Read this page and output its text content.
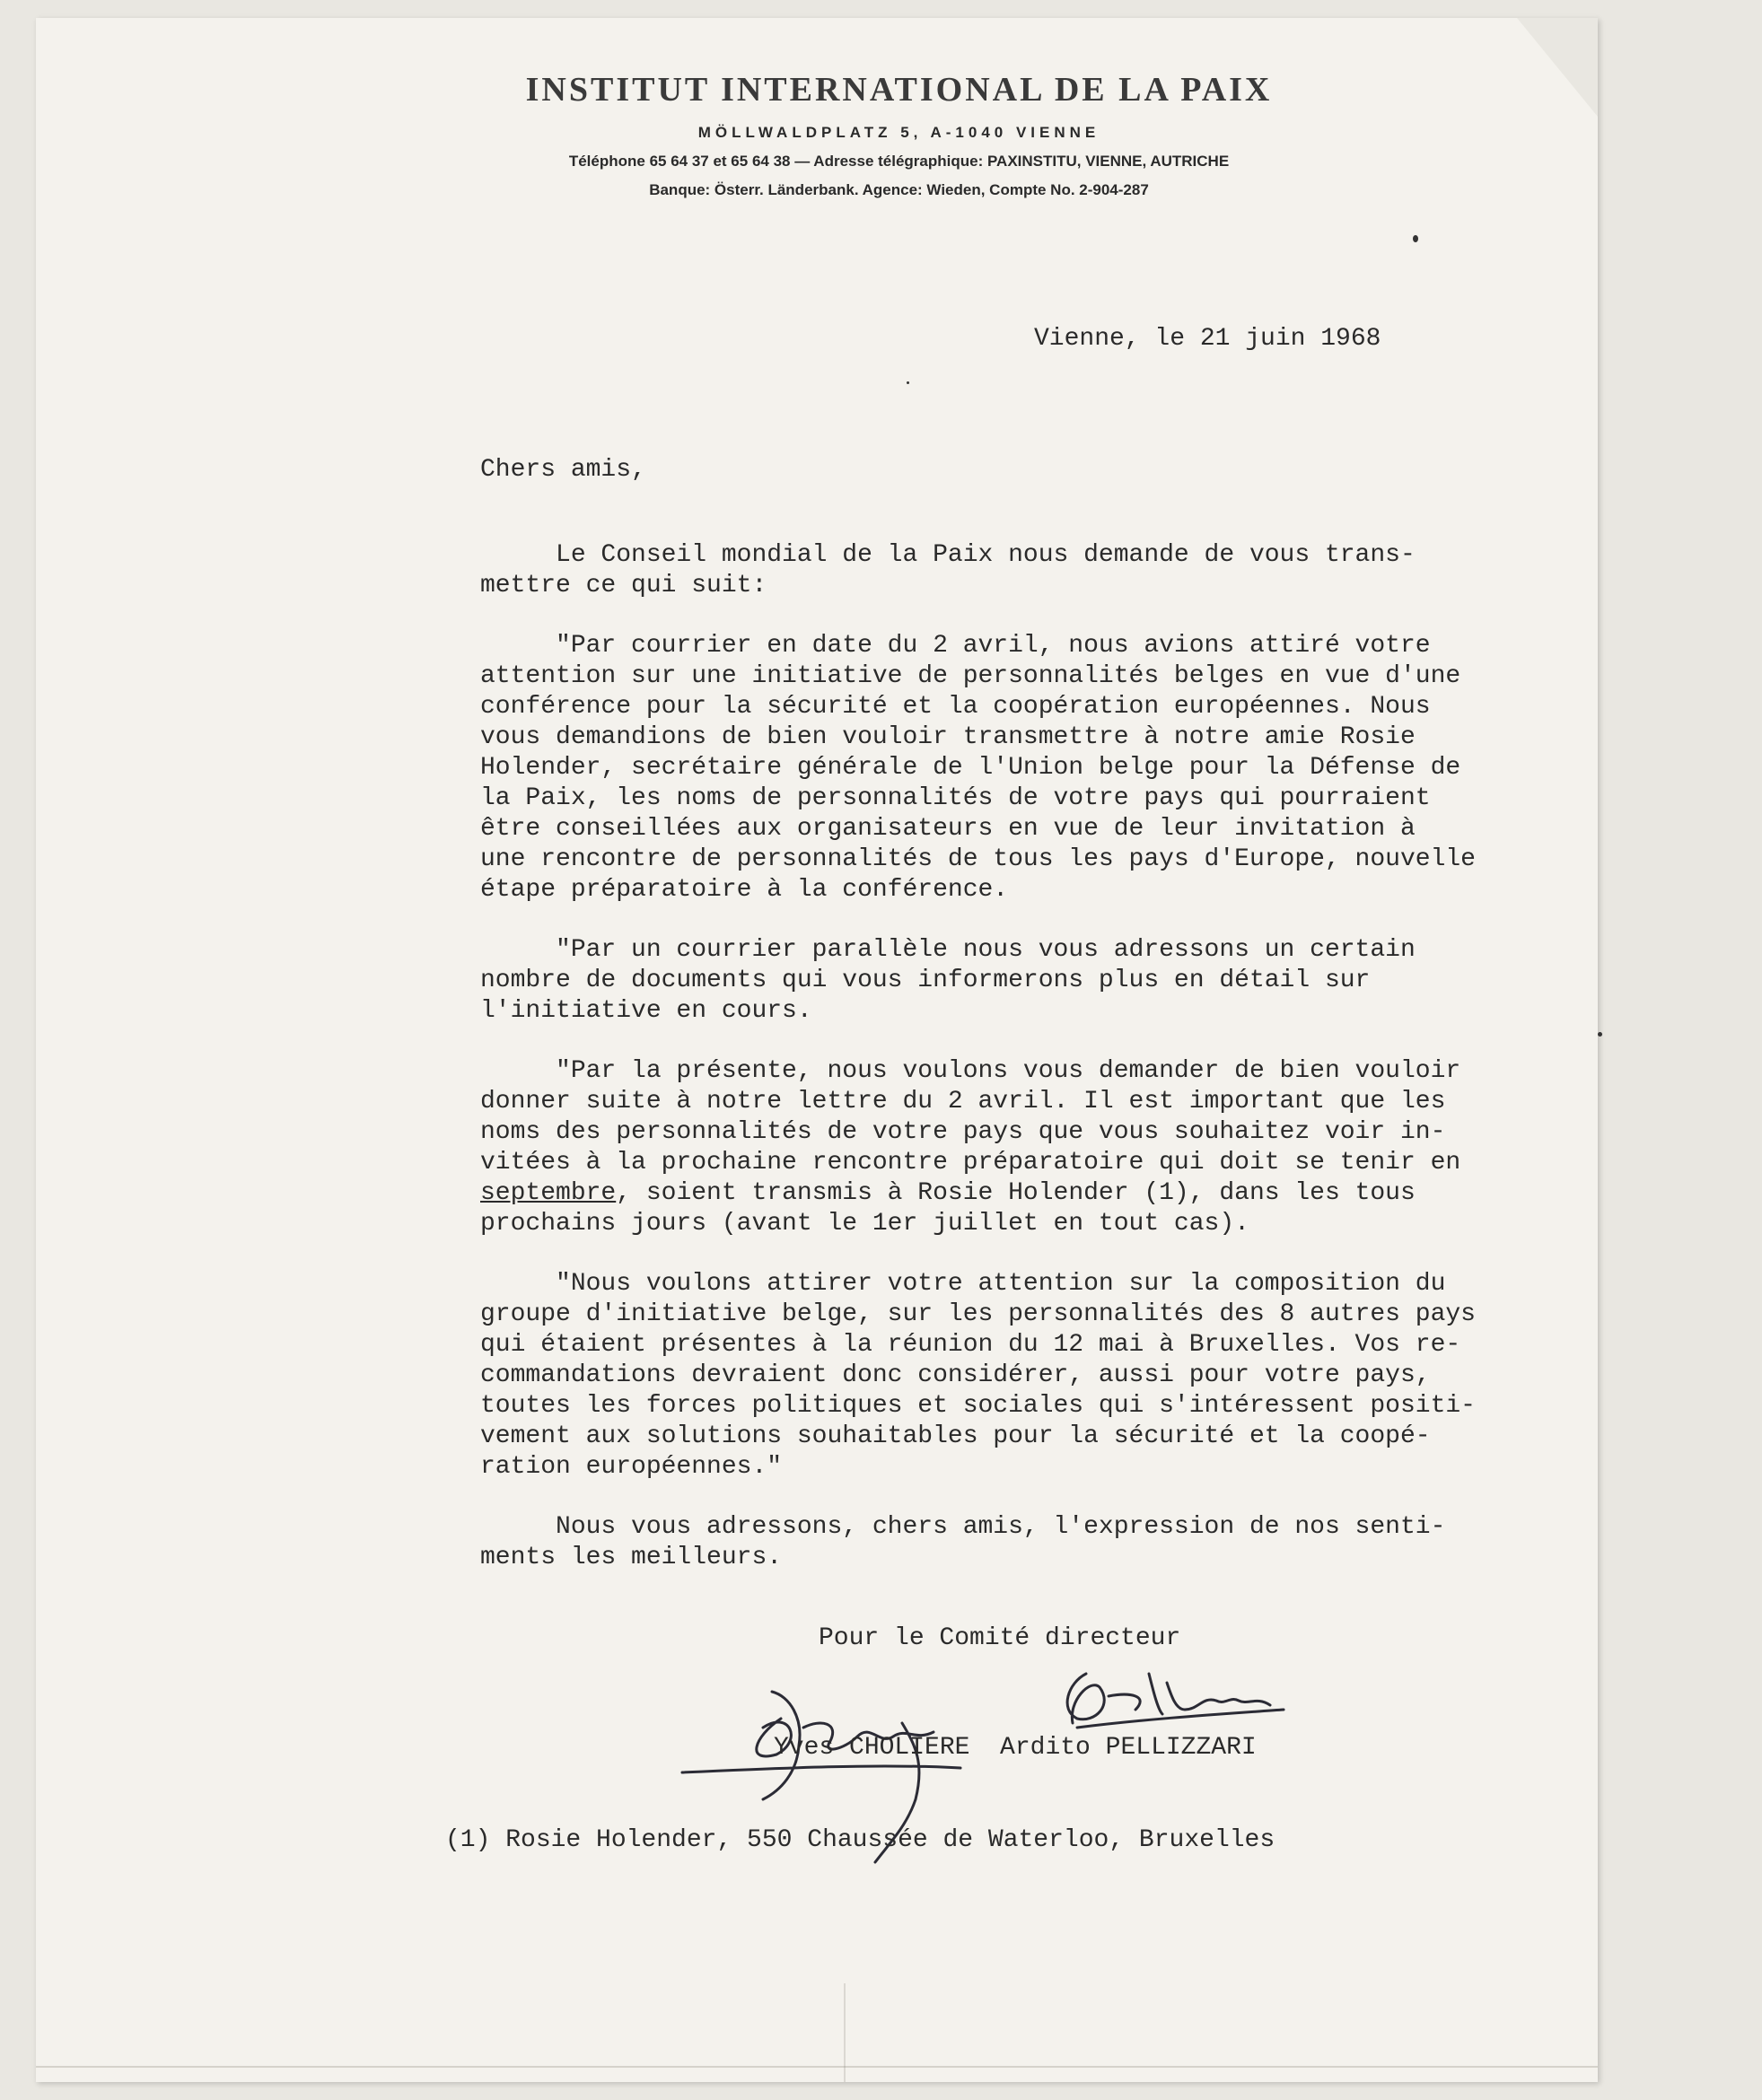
INSTITUT INTERNATIONAL DE LA PAIX
MÖLLWALDPLATZ 5, A-1040 VIENNE
Téléphone 65 64 37 et 65 64 38 — Adresse télégraphique: PAXINSTITU, VIENNE, AUTRICHE
Banque: Österr. Länderbank. Agence: Wieden, Compte No. 2-904-287
Vienne, le 21 juin 1968
Chers amis,

Le Conseil mondial de la Paix nous demande de vous trans-
mettre ce qui suit:

"Par courrier en date du 2 avril, nous avions attiré votre
attention sur une initiative de personnalités belges en vue d'une
conférence pour la sécurité et la coopération européennes. Nous
vous demandions de bien vouloir transmettre à notre amie Rosie
Holender, secrétaire générale de l'Union belge pour la Défense de
la Paix, les noms de personnalités de votre pays qui pourraient
être conseillées aux organisateurs en vue de leur invitation à
une rencontre de personnalités de tous les pays d'Europe, nouvelle
étape préparatoire à la conférence.

"Par un courrier parallèle nous vous adressons un certain
nombre de documents qui vous informerons plus en détail sur
l'initiative en cours.

"Par la présente, nous voulons vous demander de bien vouloir
donner suite à notre lettre du 2 avril. Il est important que les
noms des personnalités de votre pays que vous souhaitez voir in-
vitées à la prochaine rencontre préparatoire qui doit se tenir en
septembre, soient transmis à Rosie Holender (1), dans les tous
prochains jours (avant le 1er juillet en tout cas).

"Nous voulons attirer votre attention sur la composition du
groupe d'initiative belge, sur les personnalités des 8 autres pays
qui étaient présentes à la réunion du 12 mai à Bruxelles. Vos re-
commandations devraient donc considérer, aussi pour votre pays,
toutes les forces politiques et sociales qui s'intéressent positi-
vement aux solutions souhaitables pour la sécurité et la coopé-
ration européennes."

Nous vous adressons, chers amis, l'expression de nos senti-
ments les meilleurs.

Pour le Comité directeur
Yves CHOLIERE  Ardito PELLIZZARI
(1) Rosie Holender, 550 Chaussée de Waterloo, Bruxelles
